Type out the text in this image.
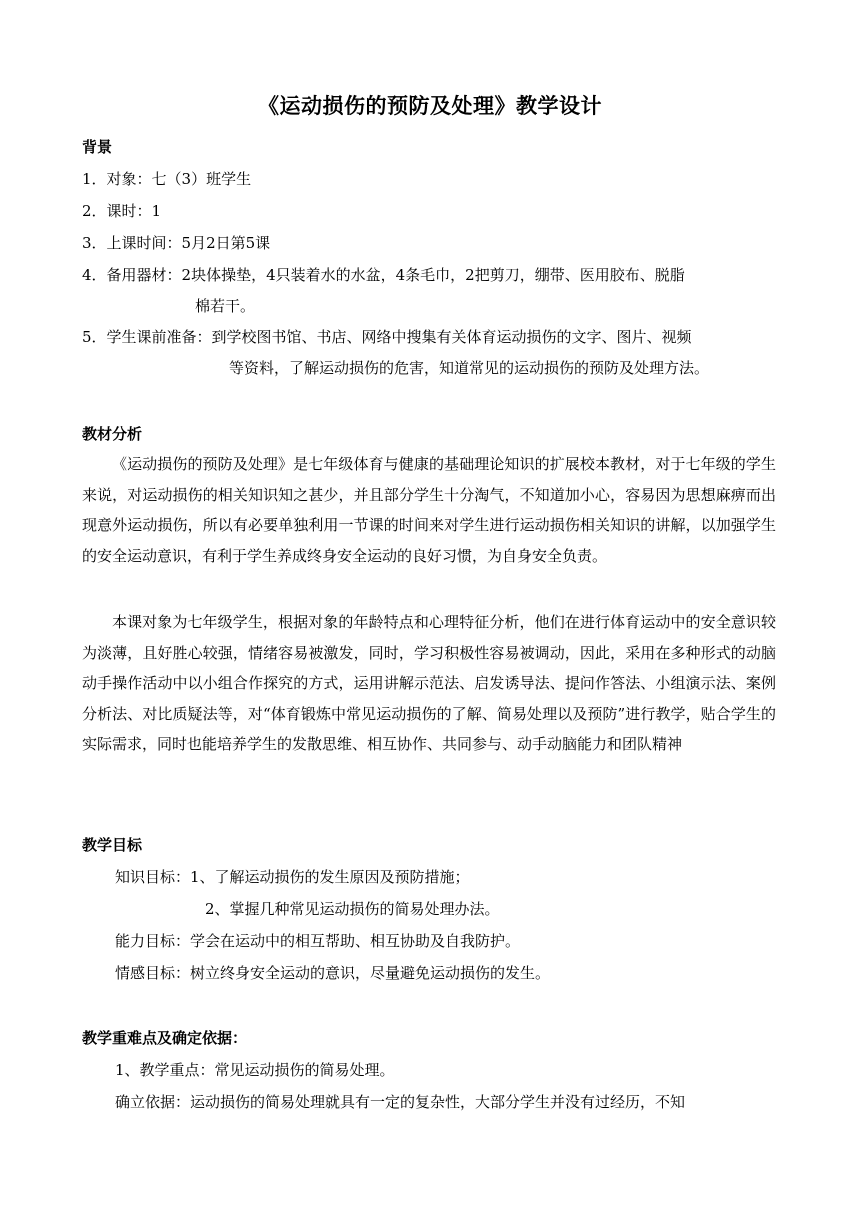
《运动损伤的预防及处理》教学设计
背景
1．对象：七（3）班学生
2．课时：1
3．上课时间：5月2日第5课
4．备用器材：2块体操垫，4只装着水的水盆，4条毛巾，2把剪刀，绷带、医用胶布、脱脂
棉若干。
5．学生课前准备：到学校图书馆、书店、网络中搜集有关体育运动损伤的文字、图片、视频
等资料，了解运动损伤的危害，知道常见的运动损伤的预防及处理方法。
教材分析
《运动损伤的预防及处理》是七年级体育与健康的基础理论知识的扩展校本教材，对于七年级的学生来说，对运动损伤的相关知识知之甚少，并且部分学生十分淘气，不知道加小心，容易因为思想麻痹而出现意外运动损伤，所以有必要单独利用一节课的时间来对学生进行运动损伤相关知识的讲解，以加强学生的安全运动意识，有利于学生养成终身安全运动的良好习惯，为自身安全负责。
本课对象为七年级学生，根据对象的年龄特点和心理特征分析，他们在进行体育运动中的安全意识较为淡薄，且好胜心较强，情绪容易被激发，同时，学习积极性容易被调动，因此，采用在多种形式的动脑动手操作活动中以小组合作探究的方式，运用讲解示范法、启发诱导法、提问作答法、小组演示法、案例分析法、对比质疑法等，对“体育锻炼中常见运动损伤的了解、简易处理以及预防”进行教学，贴合学生的实际需求，同时也能培养学生的发散思维、相互协作、共同参与、动手动脑能力和团队精神
教学目标
知识目标：1、了解运动损伤的发生原因及预防措施；
2、掌握几种常见运动损伤的简易处理办法。
能力目标：学会在运动中的相互帮助、相互协助及自我防护。
情感目标：树立终身安全运动的意识，尽量避免运动损伤的发生。
教学重难点及确定依据：
1、教学重点：常见运动损伤的简易处理。
确立依据：运动损伤的简易处理就具有一定的复杂性，大部分学生并没有过经历，不知
